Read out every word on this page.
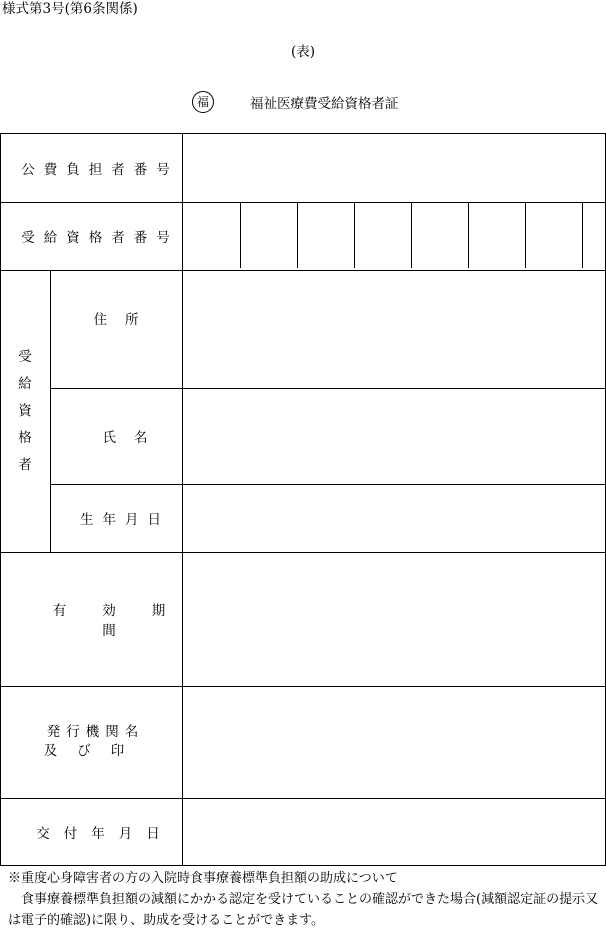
様式第3号(第6条関係)
(表)
福	福祉医療費受給資格者証
公費負担者番号
受給資格者番号
受
給
資
格
者
住所
氏名
生年月日
有効期間
発行機関名
及び印
交付年月日

※重度心身障害者の方の入院時食事療養標準負担額の助成について

食事療養標準負担額の減額にかかる認定を受けていることの確認ができた場合(減額認定証の提示又は電子的確認)に限り、助成を受けることができます。
